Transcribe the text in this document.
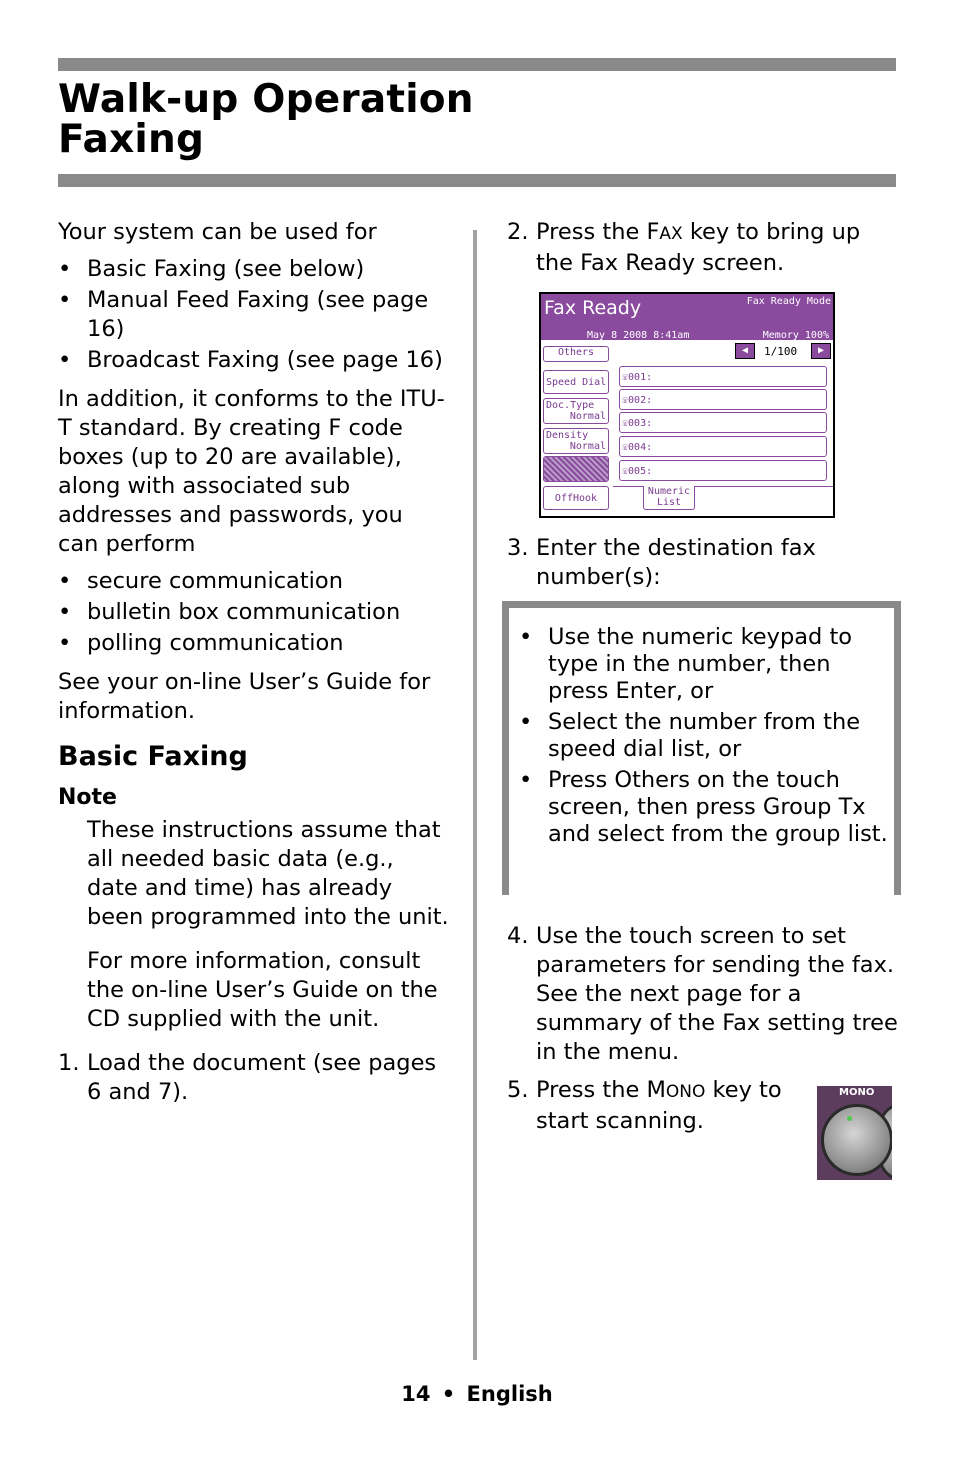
Walk-up Operation
Faxing

Your system can be used for

• Basic Faxing (see below)
• Manual Feed Faxing (see page 16)
• Broadcast Faxing (see page 16)

In addition, it conforms to the ITU-T standard. By creating F code boxes (up to 20 are available), along with associated sub addresses and passwords, you can perform

• secure communication
• bulletin box communication
• polling communication

See your on-line User’s Guide for information.

Basic Faxing
Note

These instructions assume that all needed basic data (e.g., date and time) has already been programmed into the unit.

For more information, consult the on-line User’s Guide on the CD supplied with the unit.

1. Load the document (see pages 6 and 7).
2. Press the FAX key to bring up the Fax Ready screen.
Fax Ready	Fax Ready Mode
May 8 2008 8:41am	Memory 100%
Others	◀	1/100	▶
Speed Dial
Doc.Type
Normal
Density
Normal
OffHook
Numeric
List
☏001:
☏002:
☏003:
☏004:
☏005:
3. Enter the destination fax number(s):
• Use the numeric keypad to type in the number, then press Enter, or
• Select the number from the speed dial list, or
• Press Others on the touch screen, then press Group Tx and select from the group list.
4. Use the touch screen to set parameters for sending the fax. See the next page for a summary of the Fax setting tree in the menu.
5. Press the MONO key to start scanning.
MONO
14 • English
